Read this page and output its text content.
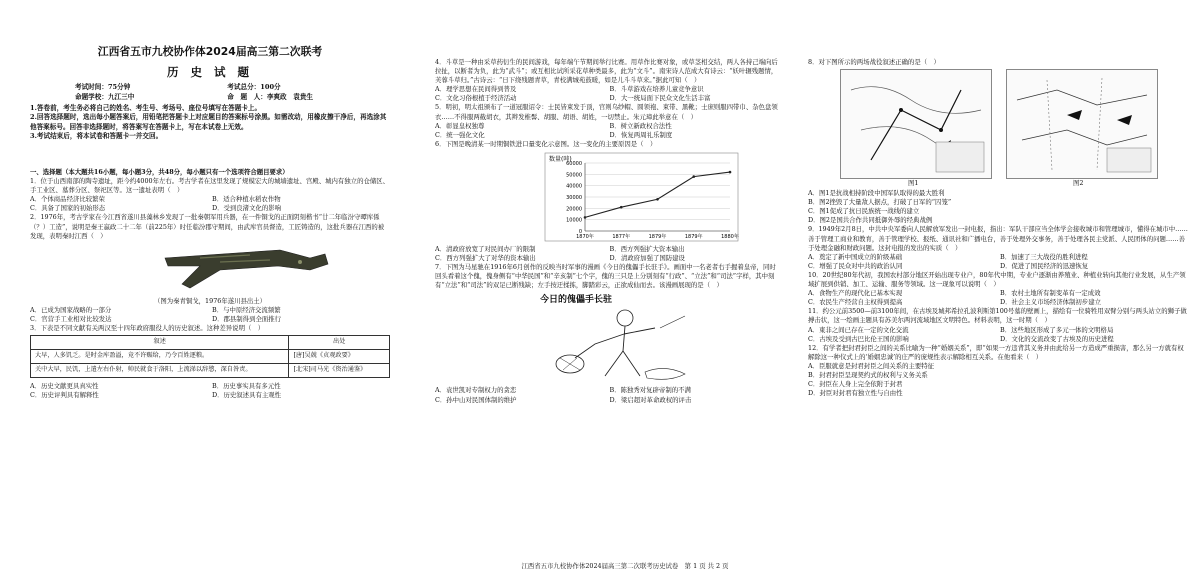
江西省五市九校协作体2024届高三第二次联考
历 史 试 题
考试时间：75分钟	考试总分：100分
命题学校：九江三中	命　题　人：李爽政　袁贵生

1.答卷前，考生务必将自己的姓名、考生号、考场号、座位号填写在答题卡上。

2.回答选择题时，选出每小题答案后，用铅笔把答题卡上对应题目的答案标号涂黑。如需改动，用橡皮擦干净后，再选涂其他答案标号。回答非选择题时，将答案写在答题卡上，写在本试卷上无效。

3.考试结束后，将本试卷和答题卡一并交回。

一、选择题（本大题共16小题，每小题3分，共48分，每小题只有一个选项符合题目要求）

1．位于山西南部的陶寺遗址，距今约4000年左右。考古学者在这里发现了规模宏大的城墙遗址、宫殿、城内有独立的仓储区、手工业区、墓葬分区、祭祀区等。这一遗址表明（　）

A．个体商品经济比较繁荣	B．适合种植水稻农作物
C．具备了国家的初始形态	D．受到良渚文化的影响

2．1976年，考古学家在今江西省遂川县藻林乡发现了一批秦朝军用兵器，在一件铜戈的正面阴刻楷书“廿二年临汾守曋库係（？）工造”，说明是秦王嬴政二十二年（前225年）时任临汾郡守期间，由武库官员督造，工匠铸造的，这批兵器在江西的被发现，表明秦时江西（　）

（图为秦青铜戈，1976年遂川县出土）

A．已成为国家战略的一部分	B．与中原经济交流频繁
C．官营手工业相对比较发达	D．郡县制得到全面推行

3．下表是不同文献有关两汉至十四年政府服役人的历史叙述。这种差异说明（　）

叙述	出处
大早，人多饥乏。是时金库盈溢，竟不许赈给，乃令百姓逐粮。	[唐]吴兢《贞观政要》
关中大早，民饥，上遣左右仆射，帅民就食于洛阳，上流涕以辞愍，深自咎责。	[北宋]司马光《资治通鉴》
A．历史文献更具真实性	B．历史事实具有多元性
C．历史评判具有解释性	D．历史叙述具有主观性

4．斗草是一种由采草药衍生的民间游戏，每年端午节期间举行比赛。用草作比赛对象，或草茎相交结，两人各持己端向后拉扯，以断者为负，此为“武斗”；或互相比试所采花草种类最多，此为“文斗”。南宋诗人范成大有诗云：“妖叶辗残题情，芙蓉斗草归。”古诗云：“日下绕残题青草，青校满城苑鼓暖，如是儿斗斗草来。”据此可知（　）

A．理学思想在民间得到普及	B．斗草游戏在培养儿童竞争意识
C．文化习俗根植于经济活动	D．大一统局面下民众文化生活丰富

5．明初，明太祖颁布了一道冠服诏令：士民皆束发于顶，官则乌纱帽、圆领袍、束带、黑靴；士庶则服四带巾、杂色盘领衣……不得服两截胡衣，其辫发椎髻、胡服、胡语、胡姓，一切禁止。朱元璋此举意在（　）

A．彰显皇权独尊	B．树立新政权合法性
C．统一强化文化	D．恢复两周礼乐制度

6．下图是晚清某一时期铜铁进口量变化示意图。这一变化的主要原因是（　）

数量(吨)
60000
50000
40000
30000
20000
10000
0
1870年	1877年	1879年	1879年	1880年
A．清政府放宽了对民间办厂的限制	B．西方列强扩大资本输出
C．西方列强扩大了对华的资本输出	D．清政府加强了国防建设

7．下图为马星驰在1916年6月创作的反映当时军事的漫画《今日的傀儡手长驻手》。画面中一名老者右手握着皇帝，同时回头看着这个傀，傀身侧有“中华民国”和“辛亥制”七个字，傀的三只是上分别刻有“行政”、“立法”和“司法”字样，其中刻有“立法”和“司法”的双足已断残缺；左手按迂揉拣，脚踏彩云，正欲成仙而去。该漫画展现的是（　）

今日的傀儡手长驻
A．袁世凯对专制权力的贪恋	B．陈独秀对复辟帝制的不满
C．孙中山对民国体制的维护	D．梁启超对革命政权的评击

8．对下图所示的两场战役叙述正确的是（　）

图1	图2

A．图1是抗战相持阶段中国军队取得的最大胜利

B．图2挫毁了大量敌人据点，打破了日军的“囚笼”

C．图1促成了抗日民族统一战线的建立

D．图2是国共合作共同抵御外辱的经典战例

9．1949年2月8日，中共中央军委向人民解放军发出一封电报，指出：军队干部应当全体学会接收城市和管理城市，懂得在城市中……善于管理工商业和教育，善于管理学校、报纸、通讯社和广播电台，善于处理外交事务，善于处理各民主党派、人民团体的问题……善于处理金融和财政问题。这封电报的发出的实质（　）

A．奠定了新中国成立的阶级基础	B．加速了三大战役的胜利进程
C．增强了民众对中共的政治认同	D．促进了国民经济的迅速恢复

10．20世纪80年代初，我国农村部分地区开始出现专业户，80年代中期，专业户逐渐由养殖业、种植业转向其他行业发展，从生产领域扩展到供销、加工、运输、服务等领域。这一现象可以说明（　）

A．食物生产的现代化已基本实现	B．农村土地所有制变革有一定成效
C．农民生产经营自主权得到提高	D．社会主义市场经济体制初步建立

11．约公元前3500—前3100年间，在古埃及城邦希拉孔波利斯第100号墓的壁画上，描绘有一位骑牲用双臂分别与两头站立的狮子做搏击状，这一绘画主题具有苏美尔两河流域地区文明特色。材料表明，这一时期（　）

A．東非之间已存在一定的文化交流	B．这些地区形成了多元一体的文明格局
C．古埃及受到古巴比伦王国的影响	D．文化的交流改变了古埃及的历史进程

12．有学者把封君封臣之间的关系比喻为一种“婚姻关系”，即“如果一方违背其义务并由此给另一方造成严重损害，那么另一方就有权解除这一种仪式上的‘婚姻忠诚’的庄严的庞规性表示解除相互关系。在他看来（　）

A．臣服就意是封君封臣之间关系的主要特征

B．封君封臣呈现契约式的权利与义务关系

C．封臣在人身上完全依附于封君

D．封臣对封君有独立性与自由性

江西省五市九校协作体2024届高三第二次联考历史试卷　第 1 页 共 2 页
